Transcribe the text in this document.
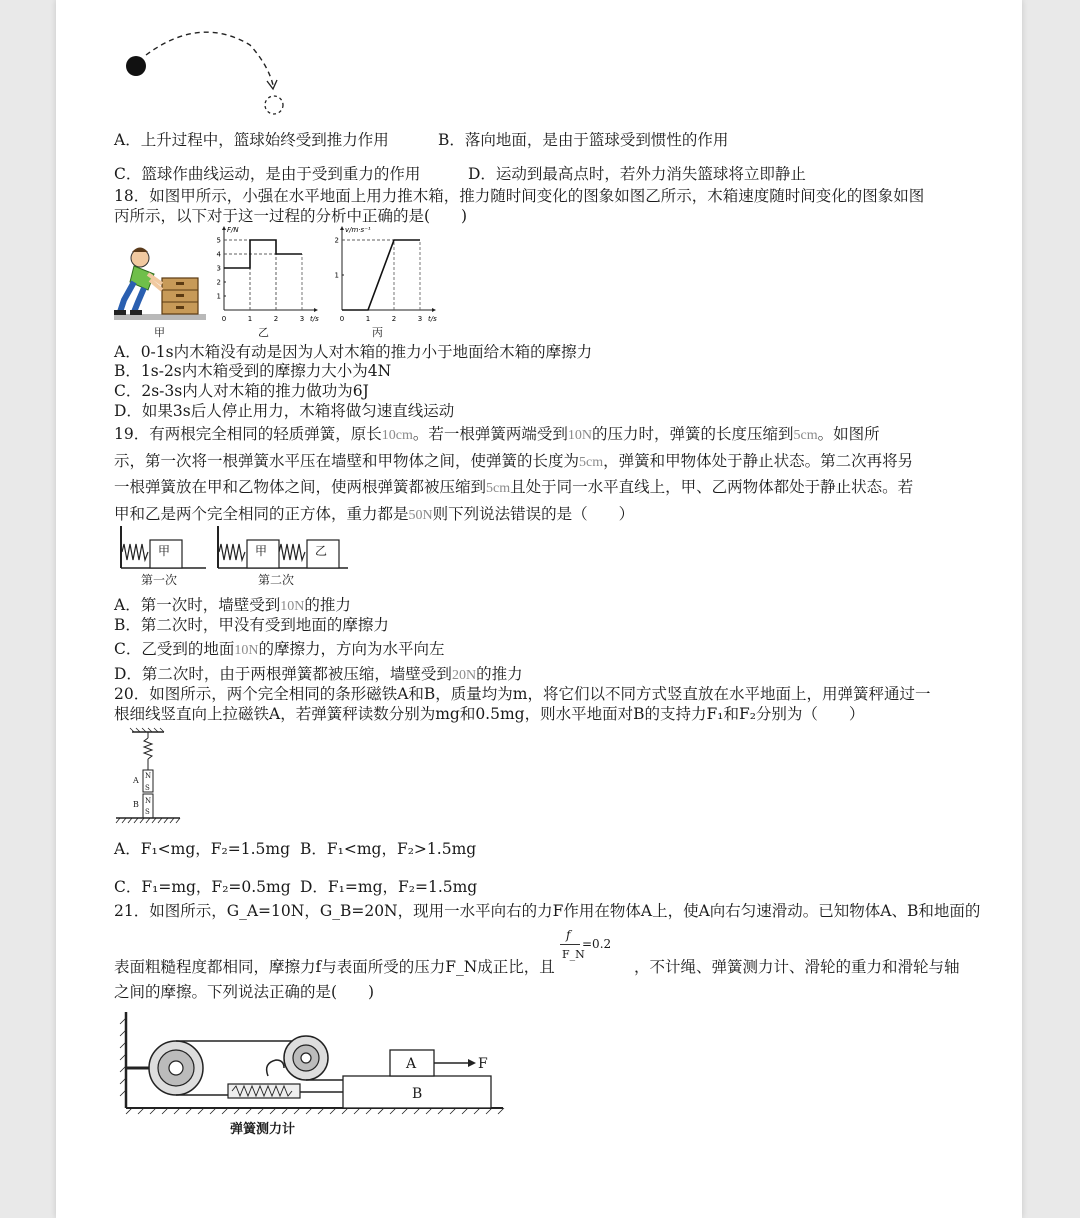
A．上升过程中，篮球始终受到推力作用	B．落向地面，是由于篮球受到惯性的作用
C．篮球作曲线运动，是由于受到重力的作用	D．运动到最高点时，若外力消失篮球将立即静止
18．如图甲所示，小强在水平地面上用力推木箱，推力随时间变化的图象如图乙所示，木箱速度随时间变化的图象如图
丙所示，以下对于这一过程的分析中正确的是(　　)
甲
F/N
t/s
1
2
3
4
5
0	1	2	3
乙
v/m·s⁻¹
t/s
1
2
0	1	2	3
丙
A．0-1s内木箱没有动是因为人对木箱的推力小于地面给木箱的摩擦力
B．1s-2s内木箱受到的摩擦力大小为4N
C．2s-3s内人对木箱的推力做功为6J
D．如果3s后人停止用力，木箱将做匀速直线运动
19．有两根完全相同的轻质弹簧，原长10cm。若一根弹簧两端受到10N的压力时，弹簧的长度压缩到5cm。如图所
示，第一次将一根弹簧水平压在墙壁和甲物体之间，使弹簧的长度为5cm，弹簧和甲物体处于静止状态。第二次再将另
一根弹簧放在甲和乙物体之间，使两根弹簧都被压缩到5cm且处于同一水平直线上，甲、乙两物体都处于静止状态。若
甲和乙是两个完全相同的正方体，重力都是50N则下列说法错误的是（　　）
甲	甲	乙
第一次	第二次
A．第一次时，墙壁受到10N的推力
B．第二次时，甲没有受到地面的摩擦力
C．乙受到的地面10N的摩擦力，方向为水平向左
D．第二次时，由于两根弹簧都被压缩，墙壁受到20N的推力
20．如图所示，两个完全相同的条形磁铁A和B，质量均为m，将它们以不同方式竖直放在水平地面上，用弹簧秤通过一
根细线竖直向上拉磁铁A，若弹簧秤读数分别为mg和0.5mg，则水平地面对B的支持力F₁和F₂分别为（　　）
A
B
N
S
N
S
A．F₁<mg，F₂=1.5mg B．F₁<mg，F₂>1.5mg
C．F₁=mg，F₂=0.5mg D．F₁=mg，F₂=1.5mg
21．如图所示，G_A=10N，G_B=20N，现用一水平向右的力F作用在物体A上，使A向右匀速滑动。已知物体A、B和地面的
f
F_N
=0.2
表面粗糙程度都相同，摩擦力f与表面所受的压力F_N成正比，且	，不计绳、弹簧测力计、滑轮的重力和滑轮与轴
之间的摩擦。下列说法正确的是(　　)
A
B
F
弹簧测力计
